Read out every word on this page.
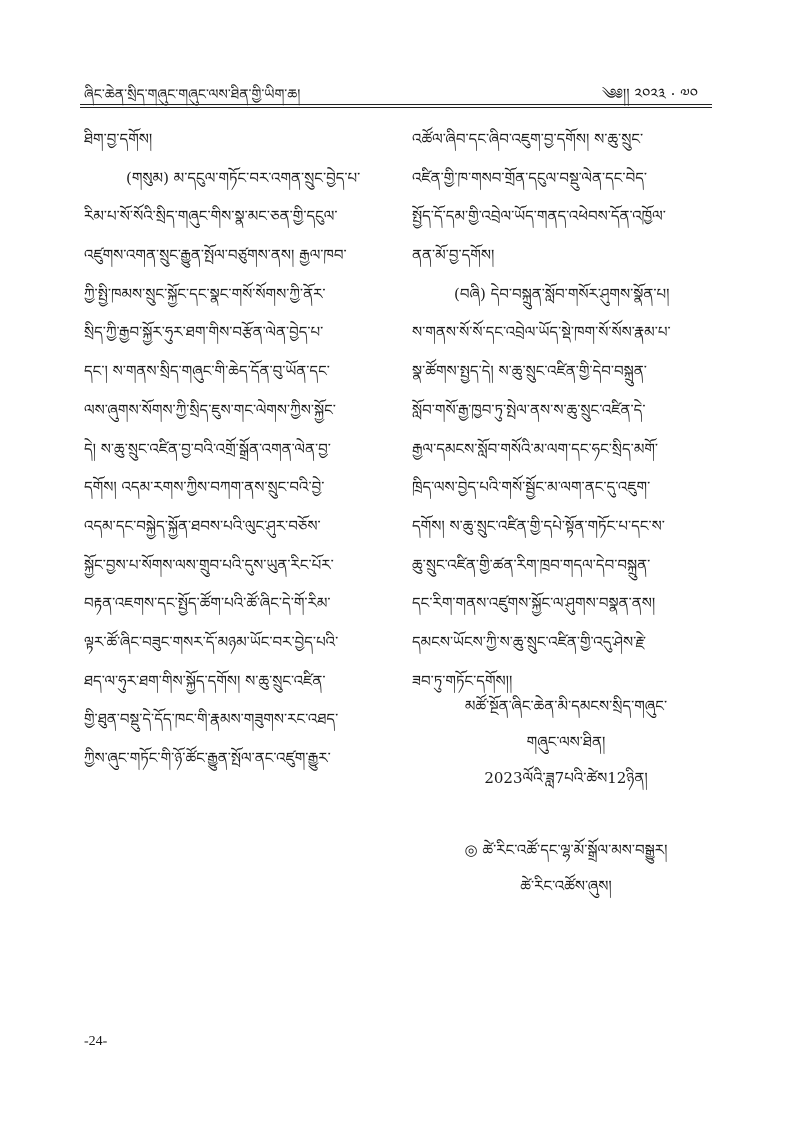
ཞིང་ཆེན་སྲིད་གཞུང་གཞུང་ལས་ཐིན་གྱི་ཡིག་ཆ།	༄༅།། ༢༠༢༣ · ༧༠
ཐིག་བྱ་དགོས།
(གསུམ) མ་དངུལ་གཏོང་བར་འགན་སྲུང་བྱེད་པ་
རིམ་པ་སོ་སོའི་སྲིད་གཞུང་གིས་སྣ་མང་ཅན་གྱི་དངུལ་
འཛུགས་འགན་སྲུང་རྒྱུན་སྤོལ་བཙུགས་ནས། རྒྱལ་ཁབ་
ཀྱི་སྤྱི་ཁམས་སྲུང་སྐྱོང་དང་སྣང་གསོ་སོགས་ཀྱི་ནོར་
སྲིད་ཀྱི་རྒྱབ་སྐྱོར་ཧུར་ཐག་གིས་བརྩོན་ལེན་བྱེད་པ་
དང་། ས་གནས་སྲིད་གཞུང་གི་ཆེད་དོན་བུ་ཡོན་དང་
ལས་ཞུགས་སོགས་ཀྱི་སྲིད་ཇུས་གང་ལེགས་ཀྱིས་སྐྱོང་
དེ། ས་ཆུ་སྲུང་འཛིན་བྱ་བའི་འགྲོ་སྒྲོན་འགན་ལེན་བྱ་
དགོས། འདམ་རགས་ཀྱིས་བཀག་ནས་སྲུང་བའི་བྱེ་
འདམ་དང་བསྐྱེད་སྐྱོན་ཐབས་པའི་ལུང་ཤུར་བཅོས་
སྐྱོང་བྱས་པ་སོགས་ལས་གྲུབ་པའི་དུས་ཡུན་རིང་པོར་
བརྟན་འཇགས་དང་སྤྱོད་ཚོག་པའི་ཚོ་ཞིང་དེ་གོ་རིམ་
ལྟར་ཚོ་ཞིང་བཟུང་གསར་དོ་མཉམ་ཡོང་བར་བྱེད་པའི་
ཐད་ལ་ཧུར་ཐག་གིས་སྐྱོད་དགོས། ས་ཆུ་སྲུང་འཛིན་
གྱི་ཐུན་བསྡུ་དེ་དོད་ཁང་གི་རྣམས་གཟུགས་རང་འཐད་
ཀྱིས་ཞུང་གཏོང་གི་ཉོ་ཚོང་རྒྱུན་སྤོལ་ནང་འཛུག་རྒྱུར་
འཚོལ་ཞིབ་དང་ཞིབ་འཇུག་བྱ་དགོས། ས་ཆུ་སྲུང་
འཛིན་གྱི་ཁ་གསབ་གྲོན་དངུལ་བསྡུ་ལེན་དང་བེད་
སྤྱོད་དོ་དམ་གྱི་འབྲེལ་ཡོད་གནད་འཕེབས་དོན་འཁྱོལ་
ནན་མོ་བྱ་དགོས།
(བཞི) དེབ་བསྐྲུན་སློབ་གསོར་ཤུགས་སྣོན་པ།
ས་གནས་སོ་སོ་དང་འབྲེལ་ཡོད་སྡེ་ཁག་སོ་སོས་རྣམ་པ་
སྣ་ཚོགས་སྤྱད་དེ། ས་ཆུ་སྲུང་འཛིན་གྱི་དེབ་བསྐྲུན་
སློབ་གསོ་རྒྱ་ཁྱབ་ཏུ་སྤེལ་ནས་ས་ཆུ་སྲུང་འཛིན་དེ་
རྒྱལ་དམངས་སློབ་གསོའི་མ་ལག་དང་ཧང་སྲིད་མགོ་
ཁྲིད་ལས་བྱེད་པའི་གསོ་སྦྱོང་མ་ལག་ནང་དུ་འཇུག་
དགོས། ས་ཆུ་སྲུང་འཛིན་གྱི་དཔེ་སྟོན་གཏོང་པ་དང་ས་
ཆུ་སྲུང་འཛིན་གྱི་ཚན་རིག་ཁྲབ་གདལ་དེབ་བསྐྲུན་
དང་རིག་གནས་འཛུགས་སྐྱོང་ལ་ཤུགས་བསྣན་ནས།
དམངས་ཡོངས་ཀྱི་ས་ཆུ་སྲུང་འཛིན་གྱི་འདུ་ཤེས་རྗེ་
ཟབ་ཏུ་གཏོང་དགོས།།
མཚོ་སྔོན་ཞིང་ཆེན་མི་དམངས་སྲིད་གཞུང་
གཞུང་ལས་ཐིན།
2023ལོའི་ཟླ7པའི་ཚེས12ཉིན།
◎ ཚེ་རིང་འཚོ་དང་ལྷ་མོ་སྒྲོལ་མས་བསྒྱུར།
ཚེ་རིང་འཚོས་ཞུས།
-24-
